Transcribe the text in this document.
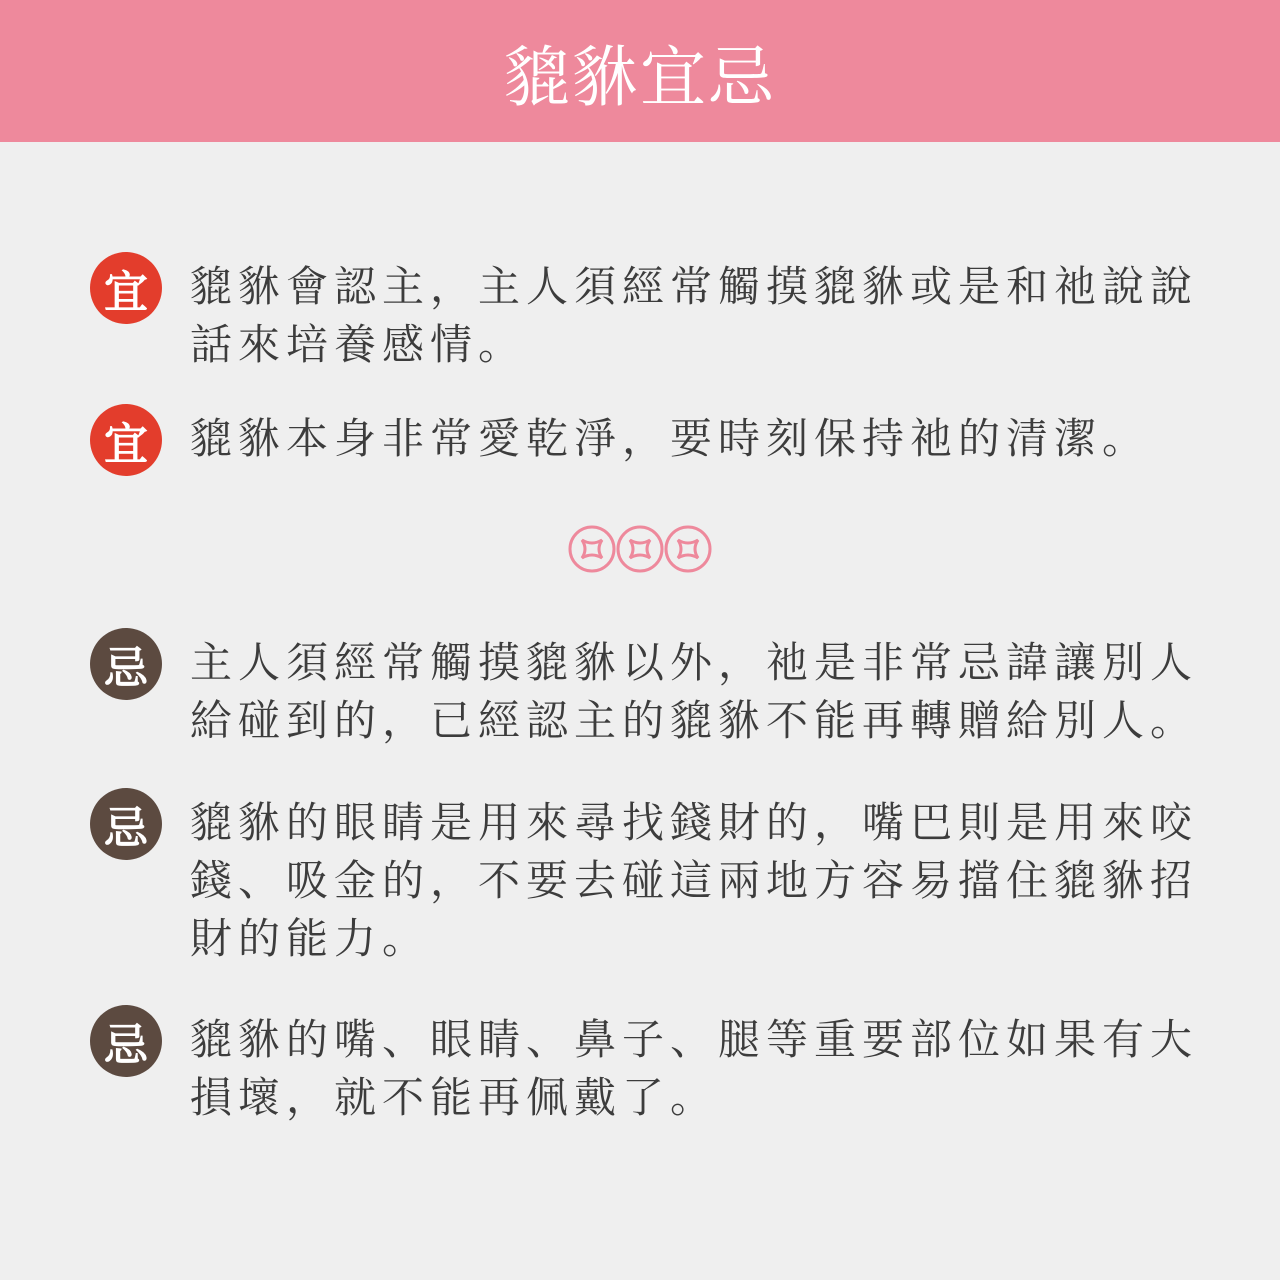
貔貅宜忌
宜	貔貅會認主，主人須經常觸摸貔貅或是和祂說說話來培養感情。
宜	貔貅本身非常愛乾淨，要時刻保持祂的清潔。
忌	主人須經常觸摸貔貅以外，祂是非常忌諱讓別人給碰到的，已經認主的貔貅不能再轉贈給別人。
忌	貔貅的眼睛是用來尋找錢財的，嘴巴則是用來咬錢、吸金的，不要去碰這兩地方容易擋住貔貅招財的能力。
忌	貔貅的嘴、眼睛、鼻子、腿等重要部位如果有大損壞，就不能再佩戴了。
